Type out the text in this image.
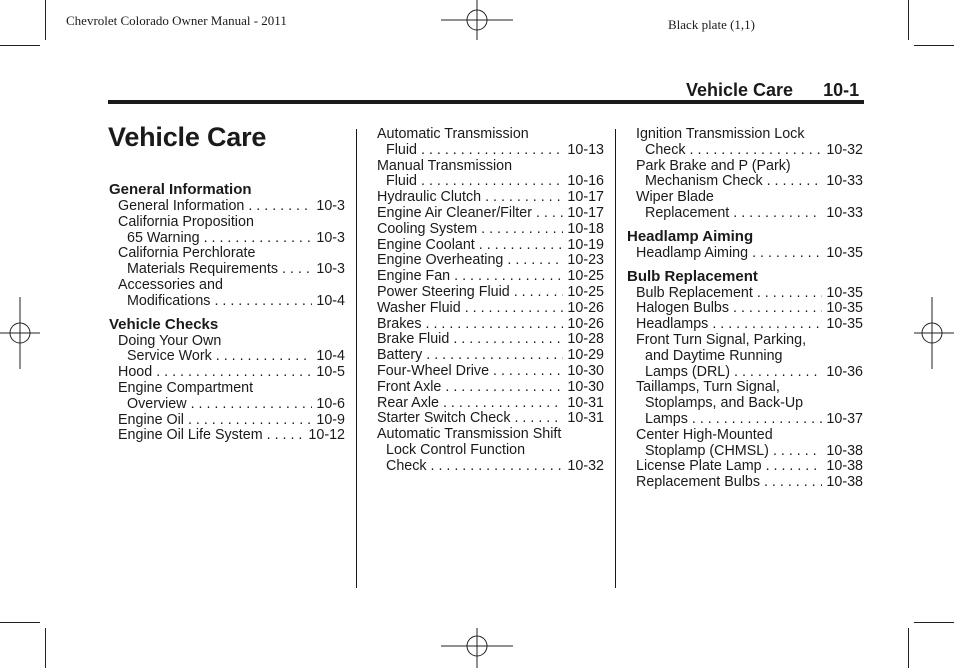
Chevrolet Colorado Owner Manual - 2011	Black plate (1,1)
Vehicle Care 10-1
Vehicle Care
General Information
General Information . . .	10-3
California Proposition
65 Warning . . .	10-3
California Perchlorate
Materials Requirements . . .	10-3
Accessories and
Modifications . . .	10-4
Vehicle Checks
Doing Your Own
Service Work . . .	10-4
Hood . . .	10-5
Engine Compartment
Overview . . .	10-6
Engine Oil . . .	10-9
Engine Oil Life System . . .	10-12
Automatic Transmission
Fluid . . .	10-13
Manual Transmission
Fluid . . .	10-16
Hydraulic Clutch . . .	10-17
Engine Air Cleaner/Filter . . . 10-17
Cooling System . . .	10-18
Engine Coolant . . .	10-19
Engine Overheating . . .	10-23
Engine Fan . . .	10-25
Power Steering Fluid . . .	10-25
Washer Fluid . . .	10-26
Brakes . . .	10-26
Brake Fluid . . .	10-28
Battery . . .	10-29
Four-Wheel Drive . . .	10-30
Front Axle . . .	10-30
Rear Axle . . .	10-31
Starter Switch Check . . .	10-31
Automatic Transmission Shift
Lock Control Function
Check . . .	10-32
Ignition Transmission Lock
Check . . .	10-32
Park Brake and P (Park)
Mechanism Check . . .	10-33
Wiper Blade
Replacement . . .	10-33
Headlamp Aiming
Headlamp Aiming . . .	10-35
Bulb Replacement
Bulb Replacement . . .	10-35
Halogen Bulbs . . .	10-35
Headlamps . . .	10-35
Front Turn Signal, Parking,
and Daytime Running
Lamps (DRL) . . .	10-36
Taillamps, Turn Signal,
Stoplamps, and Back-Up
Lamps . . .	10-37
Center High-Mounted
Stoplamp (CHMSL) . . .	10-38
License Plate Lamp . . .	10-38
Replacement Bulbs . . .	10-38
